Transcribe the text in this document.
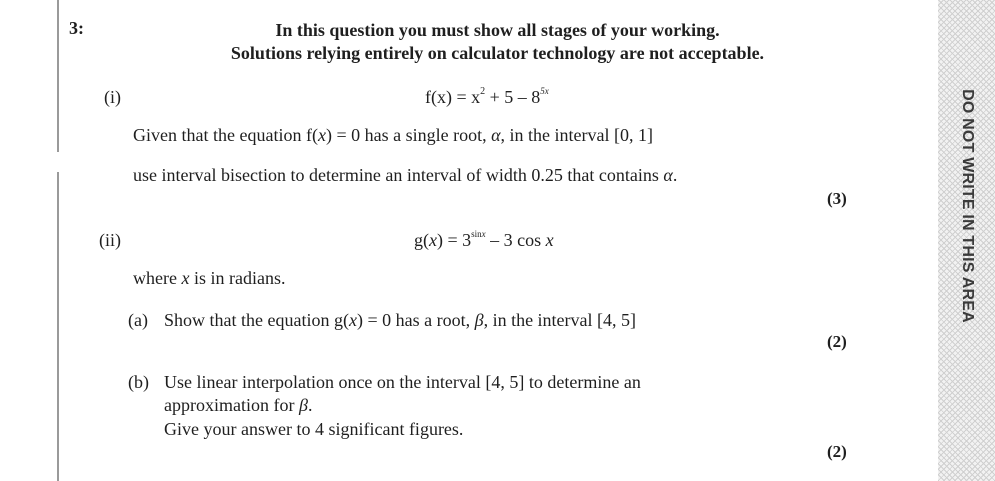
3:	In this question you must show all stages of your working.
Solutions relying entirely on calculator technology are not acceptable.
(i)	$f(x) = x^2 + 5 - 8^{5x}$
Given that the equation f(x) = 0 has a single root, α, in the interval [0, 1]
use interval bisection to determine an interval of width 0.25 that contains α.
(3)
(ii)	$g(x) = 3^{sinx} - 3$ cos x
where x is in radians.
(a) Show that the equation g(x) = 0 has a root, β, in the interval [4, 5]
(2)
(b) Use linear interpolation once on the interval [4, 5] to determine an
approximation for β.
Give your answer to 4 significant figures.
(2)
DO NOT WRITE IN THIS AREA
